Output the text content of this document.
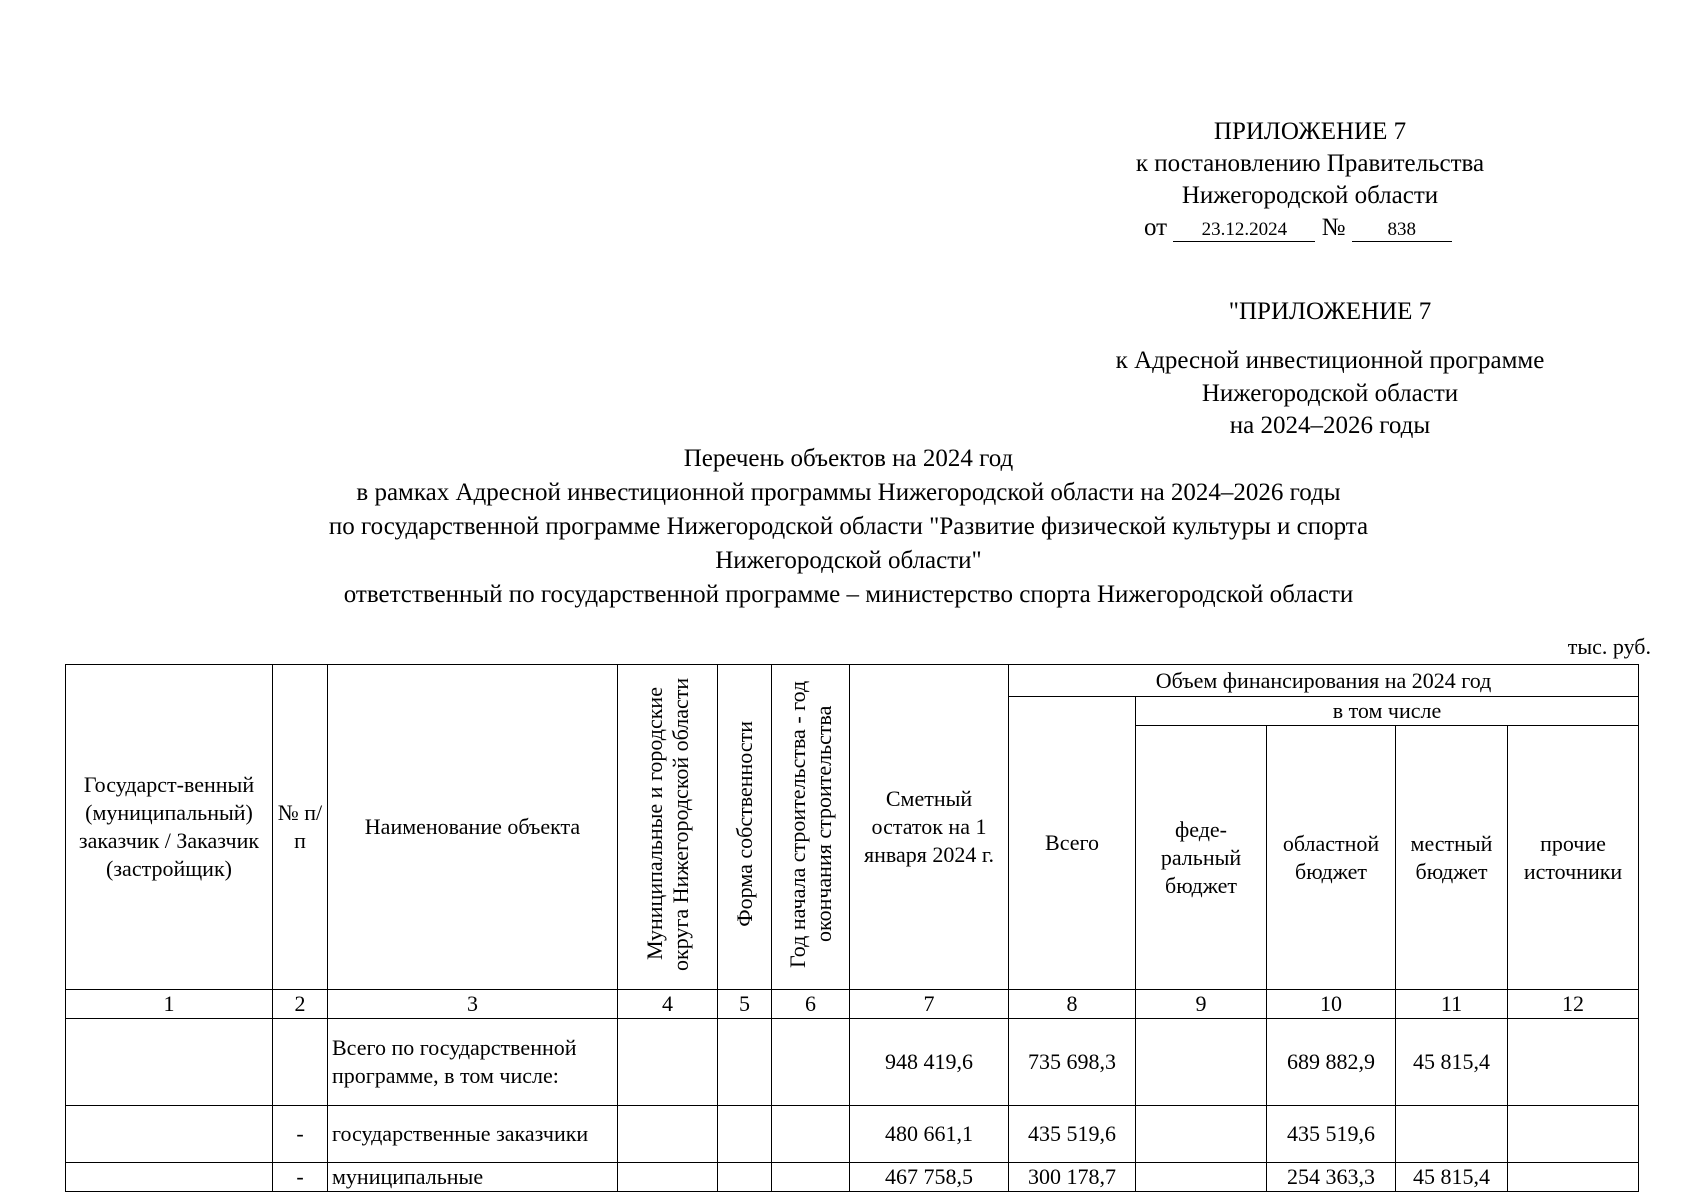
ПРИЛОЖЕНИЕ 7
к постановлению Правительства
Нижегородской области
от 23.12.2024 № 838
"ПРИЛОЖЕНИЕ 7
к Адресной инвестиционной программе
Нижегородской области
на 2024–2026 годы
Перечень объектов на 2024 год
в рамках Адресной инвестиционной программы Нижегородской области на 2024–2026 годы
по государственной программе Нижегородской области "Развитие физической культуры и спорта
Нижегородской области"
ответственный по государственной программе – министерство спорта Нижегородской области
тыс. руб.
Государст-венный (муниципальный) заказчик / Заказчик (застройщик)	№ п/п	Наименование объекта	Муниципальные и городские округа Нижегородской области	Форма собственности	Год начала строительства - год окончания строительства	Сметный остаток на 1 января 2024 г.	Объем финансирования на 2024 год				
							Всего	в том числе			
								феде-ральный бюджет	областной бюджет	местный бюджет	прочие источники
1	2	3	4	5	6	7	8	9	10	11	12
		Всего по государственной программе, в том числе:				948 419,6	735 698,3		689 882,9	45 815,4	
	-	государственные заказчики				480 661,1	435 519,6		435 519,6		
	-	муниципальные				467 758,5	300 178,7		254 363,3	45 815,4	
